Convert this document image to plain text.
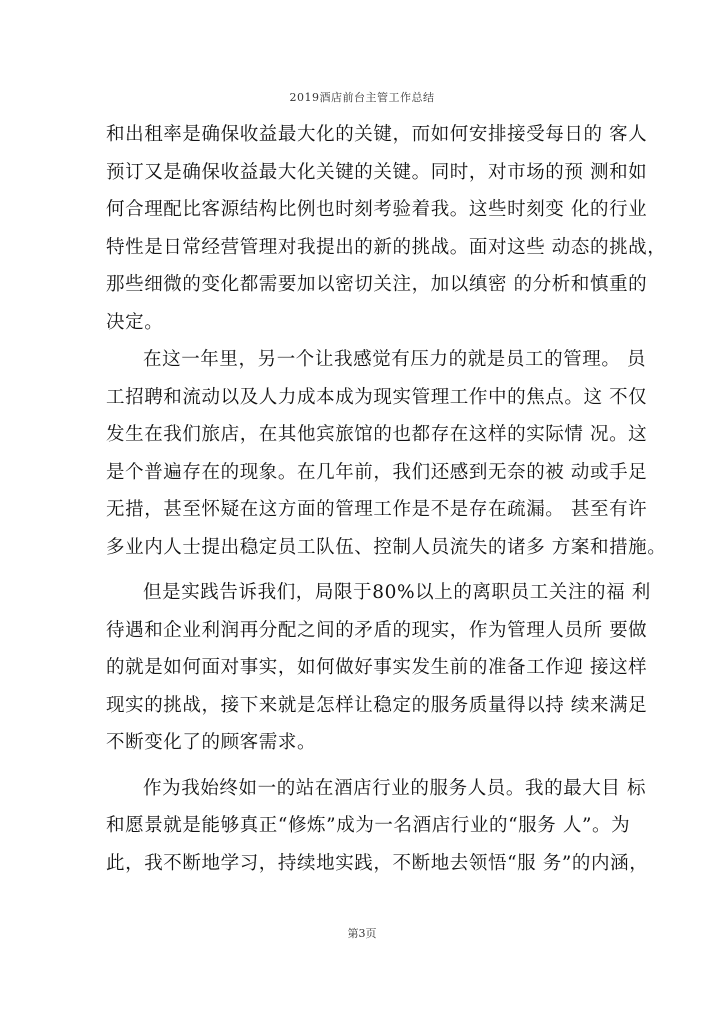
2019酒店前台主管工作总结
和出租率是确保收益最大化的关键，而如何安排接受每日的 客人
预订又是确保收益最大化关键的关键。同时，对市场的预 测和如
何合理配比客源结构比例也时刻考验着我。这些时刻变 化的行业
特性是日常经营管理对我提出的新的挑战。面对这些 动态的挑战，
那些细微的变化都需要加以密切关注，加以缜密 的分析和慎重的
决定。
在这一年里，另一个让我感觉有压力的就是员工的管理。 员
工招聘和流动以及人力成本成为现实管理工作中的焦点。这 不仅
发生在我们旅店，在其他宾旅馆的也都存在这样的实际情 况。这
是个普遍存在的现象。在几年前，我们还感到无奈的被 动或手足
无措，甚至怀疑在这方面的管理工作是不是存在疏漏。 甚至有许
多业内人士提出稳定员工队伍、控制人员流失的诸多 方案和措施。
但是实践告诉我们，局限于80%以上的离职员工关注的福 利
待遇和企业利润再分配之间的矛盾的现实，作为管理人员所 要做
的就是如何面对事实，如何做好事实发生前的准备工作迎 接这样
现实的挑战，接下来就是怎样让稳定的服务质量得以持 续来满足
不断变化了的顾客需求。
作为我始终如一的站在酒店行业的服务人员。我的最大目 标
和愿景就是能够真正“修炼”成为一名酒店行业的“服务 人”。为
此，我不断地学习，持续地实践，不断地去领悟“服 务”的内涵，
第3页
